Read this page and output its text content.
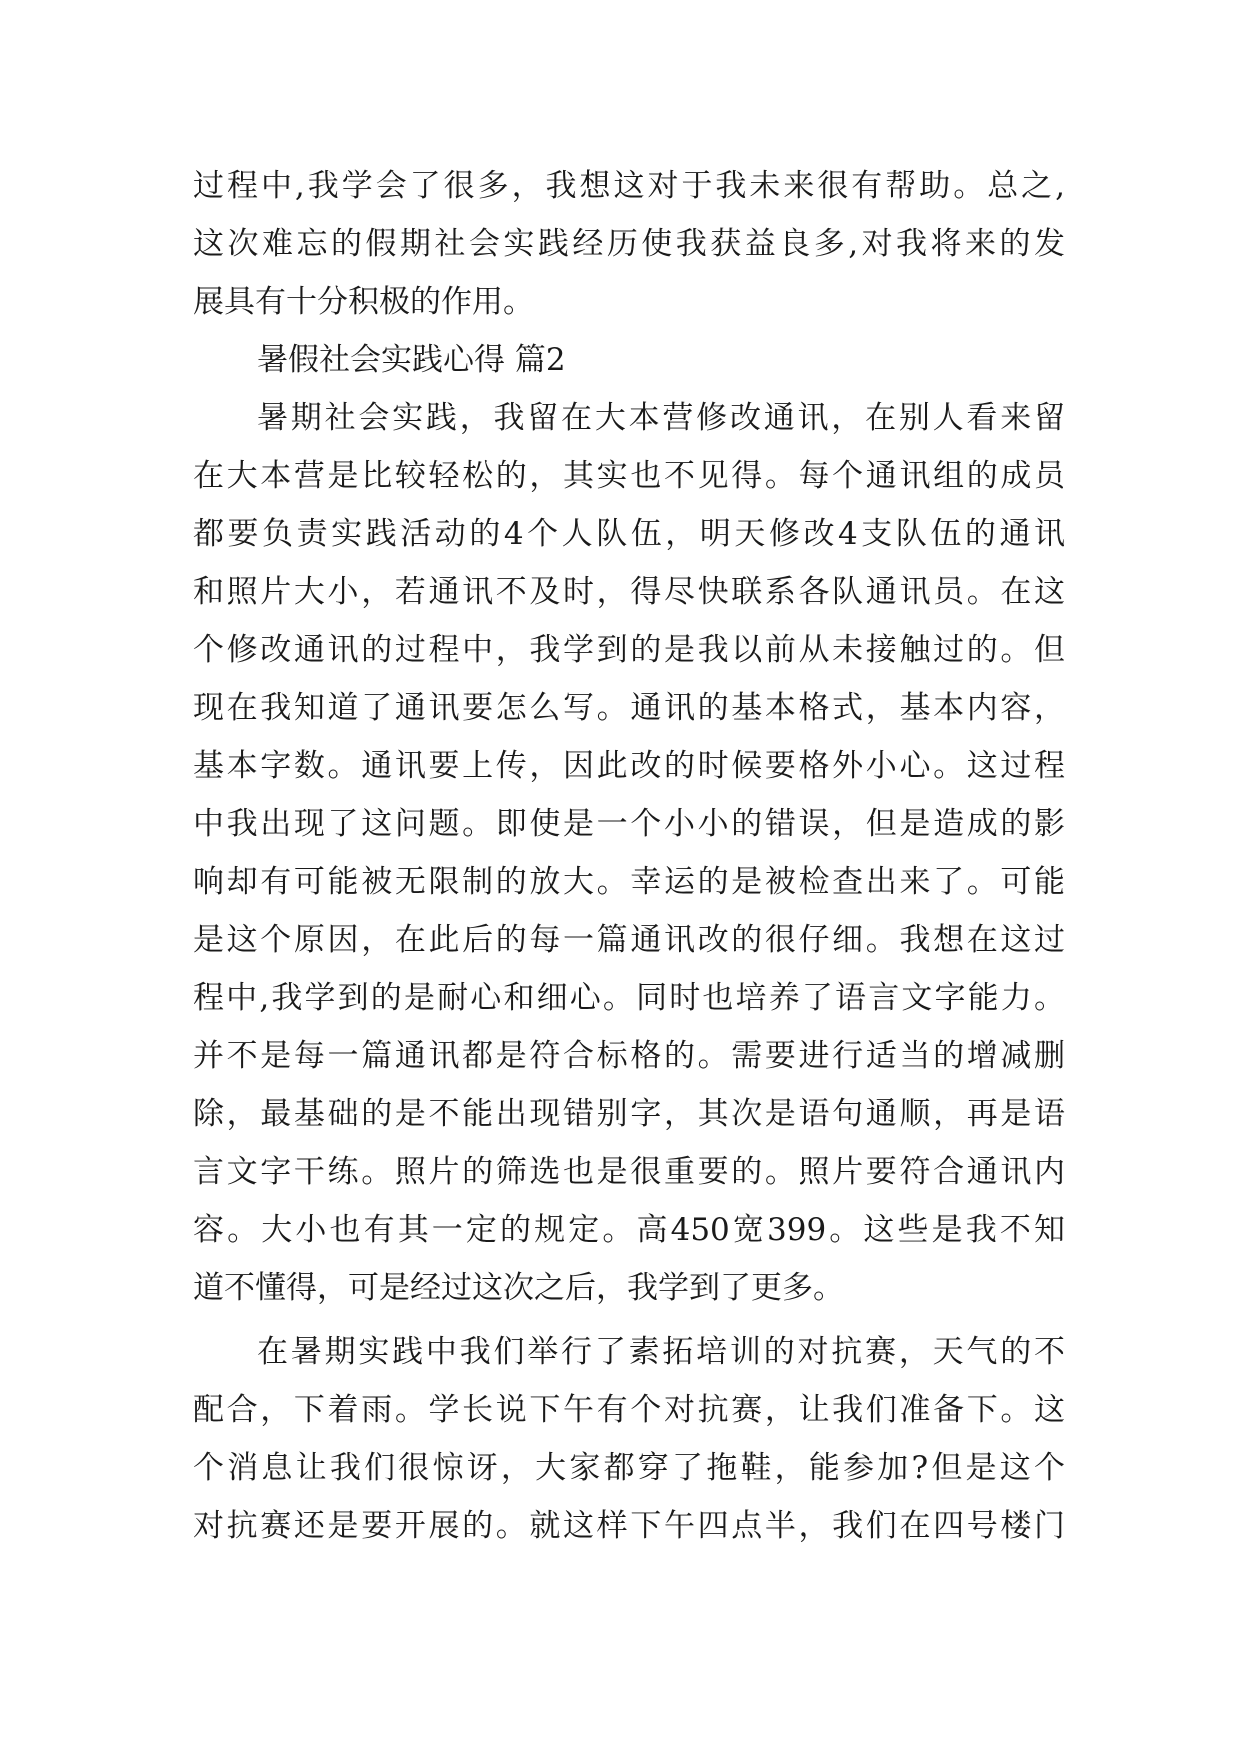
过程中,我学会了很多，我想这对于我未来很有帮助。总之,
这次难忘的假期社会实践经历使我获益良多,对我将来的发
展具有十分积极的作用。
暑假社会实践心得 篇2
暑期社会实践，我留在大本营修改通讯，在别人看来留
在大本营是比较轻松的，其实也不见得。每个通讯组的成员
都要负责实践活动的4个人队伍，明天修改4支队伍的通讯
和照片大小，若通讯不及时，得尽快联系各队通讯员。在这
个修改通讯的过程中，我学到的是我以前从未接触过的。但
现在我知道了通讯要怎么写。通讯的基本格式，基本内容，
基本字数。通讯要上传，因此改的时候要格外小心。这过程
中我出现了这问题。即使是一个小小的错误，但是造成的影
响却有可能被无限制的放大。幸运的是被检查出来了。可能
是这个原因，在此后的每一篇通讯改的很仔细。我想在这过
程中,我学到的是耐心和细心。同时也培养了语言文字能力。
并不是每一篇通讯都是符合标格的。需要进行适当的增减删
除，最基础的是不能出现错别字，其次是语句通顺，再是语
言文字干练。照片的筛选也是很重要的。照片要符合通讯内
容。大小也有其一定的规定。高450宽399。这些是我不知
道不懂得，可是经过这次之后，我学到了更多。
在暑期实践中我们举行了素拓培训的对抗赛，天气的不
配合，下着雨。学长说下午有个对抗赛，让我们准备下。这
个消息让我们很惊讶，大家都穿了拖鞋，能参加?但是这个
对抗赛还是要开展的。就这样下午四点半，我们在四号楼门
